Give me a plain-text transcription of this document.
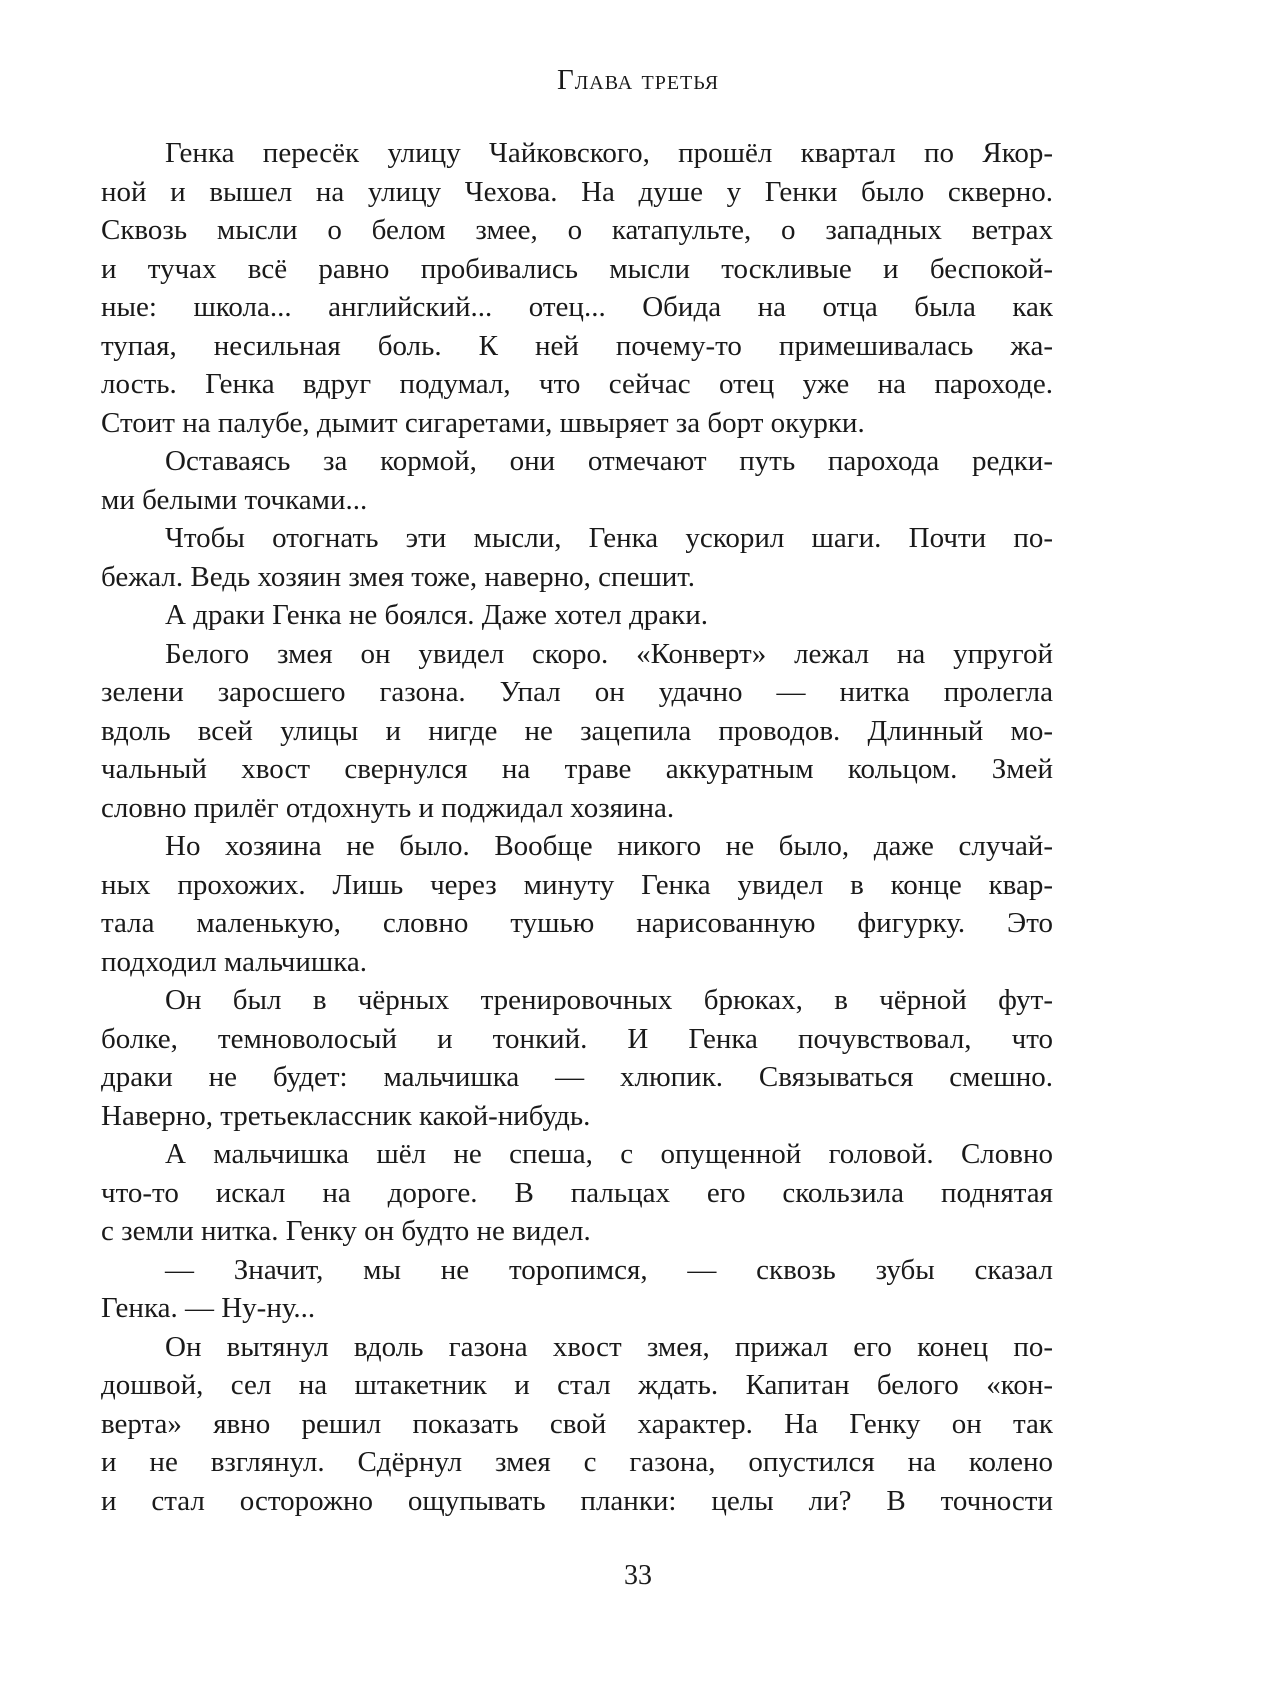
Глава третья
Генка пересёк улицу Чайковского, прошёл квартал по Якор-
ной и вышел на улицу Чехова. На душе у Генки было скверно.
Сквозь мысли о белом змее, о катапульте, о западных ветрах
и тучах всё равно пробивались мысли тоскливые и беспокой-
ные: школа... английский... отец... Обида на отца была как
тупая, несильная боль. К ней почему-то примешивалась жа-
лость. Генка вдруг подумал, что сейчас отец уже на пароходе.
Стоит на палубе, дымит сигаретами, швыряет за борт окурки.
Оставаясь за кормой, они отмечают путь парохода редки-
ми белыми точками...
Чтобы отогнать эти мысли, Генка ускорил шаги. Почти по-
бежал. Ведь хозяин змея тоже, наверно, спешит.
А драки Генка не боялся. Даже хотел драки.
Белого змея он увидел скоро. «Конверт» лежал на упругой
зелени заросшего газона. Упал он удачно — нитка пролегла
вдоль всей улицы и нигде не зацепила проводов. Длинный мо-
чальный хвост свернулся на траве аккуратным кольцом. Змей
словно прилёг отдохнуть и поджидал хозяина.
Но хозяина не было. Вообще никого не было, даже случай-
ных прохожих. Лишь через минуту Генка увидел в конце квар-
тала маленькую, словно тушью нарисованную фигурку. Это
подходил мальчишка.
Он был в чёрных тренировочных брюках, в чёрной фут-
болке, темноволосый и тонкий. И Генка почувствовал, что
драки не будет: мальчишка — хлюпик. Связываться смешно.
Наверно, третьеклассник какой-нибудь.
А мальчишка шёл не спеша, с опущенной головой. Словно
что-то искал на дороге. В пальцах его скользила поднятая
с земли нитка. Генку он будто не видел.
— Значит, мы не торопимся, — сквозь зубы сказал
Генка. — Ну-ну...
Он вытянул вдоль газона хвост змея, прижал его конец по-
дошвой, сел на штакетник и стал ждать. Капитан белого «кон-
верта» явно решил показать свой характер. На Генку он так
и не взглянул. Сдёрнул змея с газона, опустился на колено
и стал осторожно ощупывать планки: целы ли? В точности
33
